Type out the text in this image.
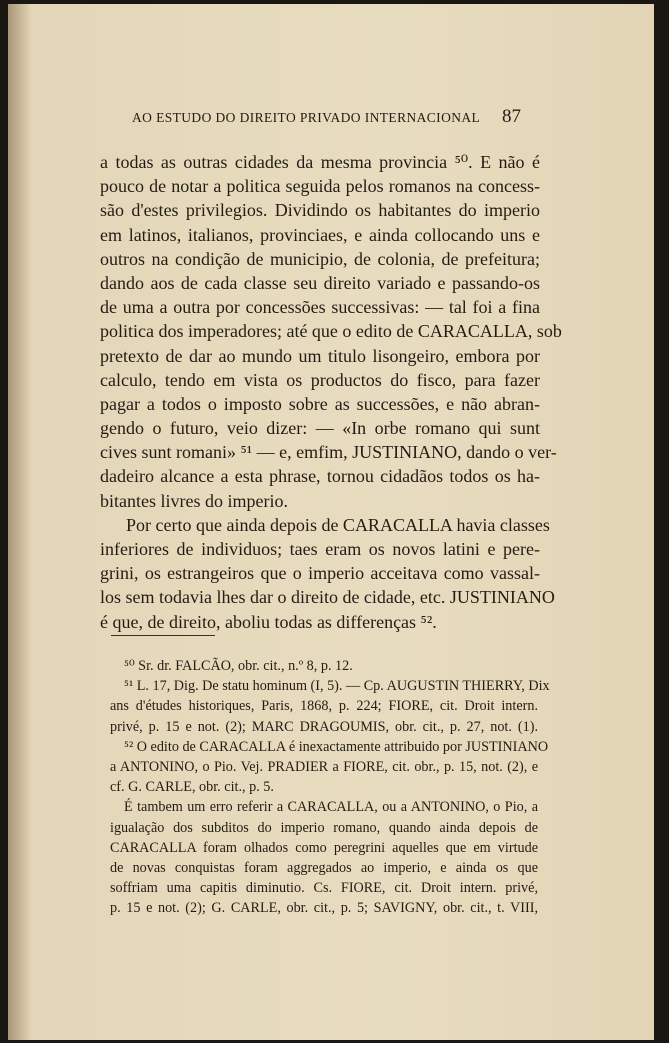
AO ESTUDO DO DIREITO PRIVADO INTERNACIONAL 87
a todas as outras cidades da mesma provincia ⁵⁰. E não é
pouco de notar a politica seguida pelos romanos na concess-
são d'estes privilegios. Dividindo os habitantes do imperio
em latinos, italianos, provinciaes, e ainda collocando uns e
outros na condição de municipio, de colonia, de prefeitura;
dando aos de cada classe seu direito variado e passando-os
de uma a outra por concessões successivas: — tal foi a fina
politica dos imperadores; até que o edito de CARACALLA, sob
pretexto de dar ao mundo um titulo lisongeiro, embora por
calculo, tendo em vista os productos do fisco, para fazer
pagar a todos o imposto sobre as successões, e não abran-
gendo o futuro, veio dizer: — «In orbe romano qui sunt
cives sunt romani» ⁵¹ — e, emfim, JUSTINIANO, dando o ver-
dadeiro alcance a esta phrase, tornou cidadãos todos os ha-
bitantes livres do imperio.
Por certo que ainda depois de CARACALLA havia classes
inferiores de individuos; taes eram os novos latini e pere-
grini, os estrangeiros que o imperio acceitava como vassal-
los sem todavia lhes dar o direito de cidade, etc. JUSTINIANO
é que, de direito, aboliu todas as differenças ⁵².
⁵⁰ Sr. dr. FALCÃO, obr. cit., n.º 8, p. 12.
⁵¹ L. 17, Dig. De statu hominum (I, 5). — Cp. AUGUSTIN THIERRY, Dix
ans d'études historiques, Paris, 1868, p. 224; FIORE, cit. Droit intern.
privé, p. 15 e not. (2); MARC DRAGOUMIS, obr. cit., p. 27, not. (1).
⁵² O edito de CARACALLA é inexactamente attribuido por JUSTINIANO
a ANTONINO, o Pio. Vej. PRADIER a FIORE, cit. obr., p. 15, not. (2), e
cf. G. CARLE, obr. cit., p. 5.
É tambem um erro referir a CARACALLA, ou a ANTONINO, o Pio, a
igualação dos subditos do imperio romano, quando ainda depois de
CARACALLA foram olhados como peregrini aquelles que em virtude
de novas conquistas foram aggregados ao imperio, e ainda os que
soffriam uma capitis diminutio. Cs. FIORE, cit. Droit intern. privé,
p. 15 e not. (2); G. CARLE, obr. cit., p. 5; SAVIGNY, obr. cit., t. VIII,
